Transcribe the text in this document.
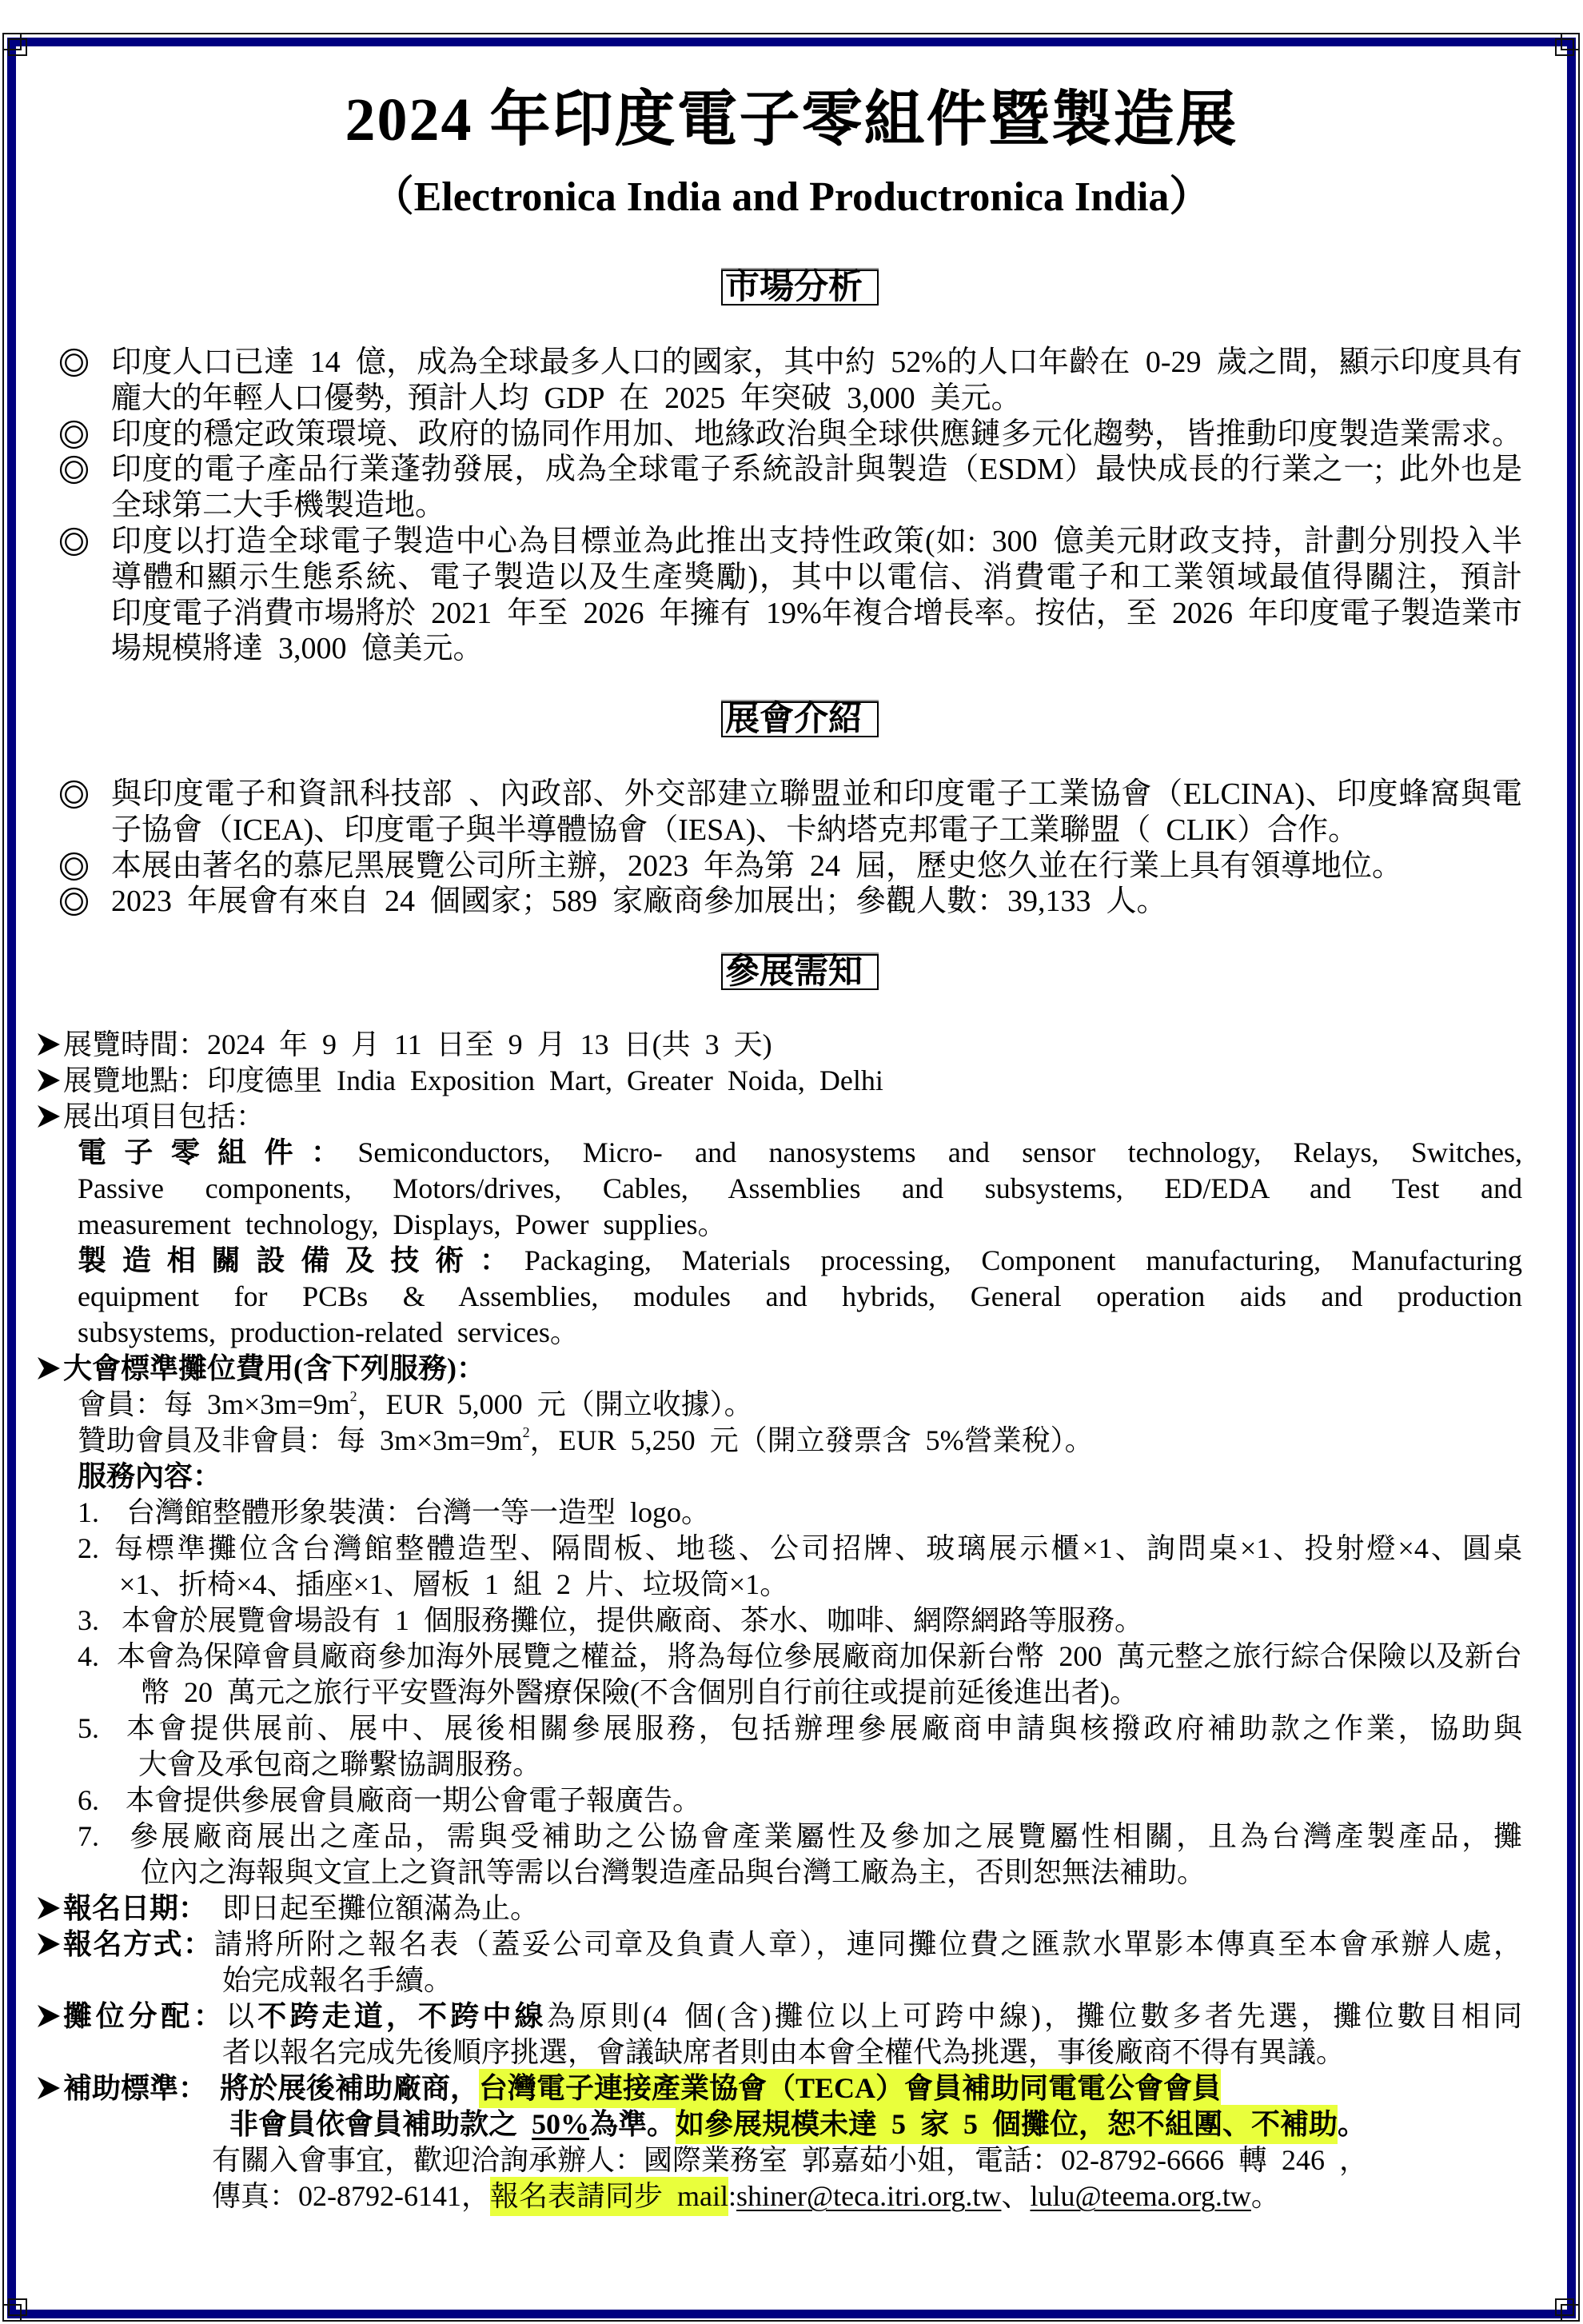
2024 年印度電子零組件暨製造展
（Electronica India and Productronica India）
市場分析
印度人口已達 14 億，成為全球最多人口的國家，其中約 52%的人口年齡在 0-29 歲之間，顯示印度具有
龐大的年輕人口優勢, 預計人均 GDP 在 2025 年突破 3,000 美元。
印度的穩定政策環境、政府的協同作用加、地緣政治與全球供應鏈多元化趨勢，皆推動印度製造業需求。
印度的電子產品行業蓬勃發展，成為全球電子系統設計與製造（ESDM）最快成長的行業之一; 此外也是
全球第二大手機製造地。
印度以打造全球電子製造中心為目標並為此推出支持性政策(如: 300 億美元財政支持，計劃分別投入半
導體和顯示生態系統、電子製造以及生產獎勵)，其中以電信、消費電子和工業領域最值得關注，預計
印度電子消費市場將於 2021 年至 2026 年擁有 19%年複合增長率。按估，至 2026 年印度電子製造業市
場規模將達 3,000 億美元。
展會介紹
與印度電子和資訊科技部 、內政部、外交部建立聯盟並和印度電子工業協會（ELCINA)、印度蜂窩與電
子協會（ICEA)、印度電子與半導體協會（IESA)、卡納塔克邦電子工業聯盟（ CLIK）合作。
本展由著名的慕尼黑展覽公司所主辦，2023 年為第 24 屆，歷史悠久並在行業上具有領導地位。
2023 年展會有來自 24 個國家；589 家廠商參加展出；參觀人數：39,133 人。
參展需知
展覽時間：2024 年 9 月 11 日至 9 月 13 日(共 3 天)
展覽地點：印度德里 India Exposition Mart, Greater Noida, Delhi
展出項目包括：
電子零組件：Semiconductors, Micro- and nanosystems and sensor technology, Relays, Switches,
Passive components, Motors/drives, Cables, Assemblies and subsystems, ED/EDA and Test and
measurement technology, Displays, Power supplies。
製造相關設備及技術：Packaging, Materials processing, Component manufacturing, Manufacturing
equipment for PCBs & Assemblies, modules and hybrids, General operation aids and production
subsystems, production-related services。
大會標準攤位費用(含下列服務)：
會員：每 $3m\times 3m=9m^2$，EUR 5,000 元（開立收據）。
贊助會員及非會員：每 $3m\times 3m=9m^2$，EUR 5,250 元（開立發票含 5%營業稅）。
服務內容：
1. 台灣館整體形象裝潢：台灣一等一造型 logo。
2. 每標準攤位含台灣館整體造型、隔間板、地毯、公司招牌、玻璃展示櫃×1、詢問桌×1、投射燈×4、圓桌
×1、折椅×4、插座×1、層板 1 組 2 片、垃圾筒×1。
3. 本會於展覽會場設有 1 個服務攤位，提供廠商、茶水、咖啡、網際網路等服務。
4. 本會為保障會員廠商參加海外展覽之權益，將為每位參展廠商加保新台幣 200 萬元整之旅行綜合保險以及新台
幣 20 萬元之旅行平安暨海外醫療保險(不含個別自行前往或提前延後進出者)。
5. 本會提供展前、展中、展後相關參展服務，包括辦理參展廠商申請與核撥政府補助款之作業，協助與
大會及承包商之聯繫協調服務。
6. 本會提供參展會員廠商一期公會電子報廣告。
7. 參展廠商展出之產品，需與受補助之公協會產業屬性及參加之展覽屬性相關，且為台灣產製產品，攤
位內之海報與文宣上之資訊等需以台灣製造產品與台灣工廠為主，否則恕無法補助。
報名日期： 即日起至攤位額滿為止。
報名方式：請將所附之報名表（蓋妥公司章及負責人章），連同攤位費之匯款水單影本傳真至本會承辦人處，
始完成報名手續。
攤位分配：以不跨走道，不跨中線為原則(4 個(含)攤位以上可跨中線)，攤位數多者先選，攤位數目相同
者以報名完成先後順序挑選，會議缺席者則由本會全權代為挑選，事後廠商不得有異議。
補助標準： 將於展後補助廠商，台灣電子連接產業協會（TECA）會員補助同電電公會會員
非會員依會員補助款之 50%為準。如參展規模未達 5 家 5 個攤位，恕不組團、不補助。
有關入會事宜，歡迎洽詢承辦人：國際業務室 郭嘉茹小姐，電話：02-8792-6666 轉 246 ，
傳真：02-8792-6141，報名表請同步 mail:shiner@teca.itri.org.tw、lulu@teema.org.tw。
